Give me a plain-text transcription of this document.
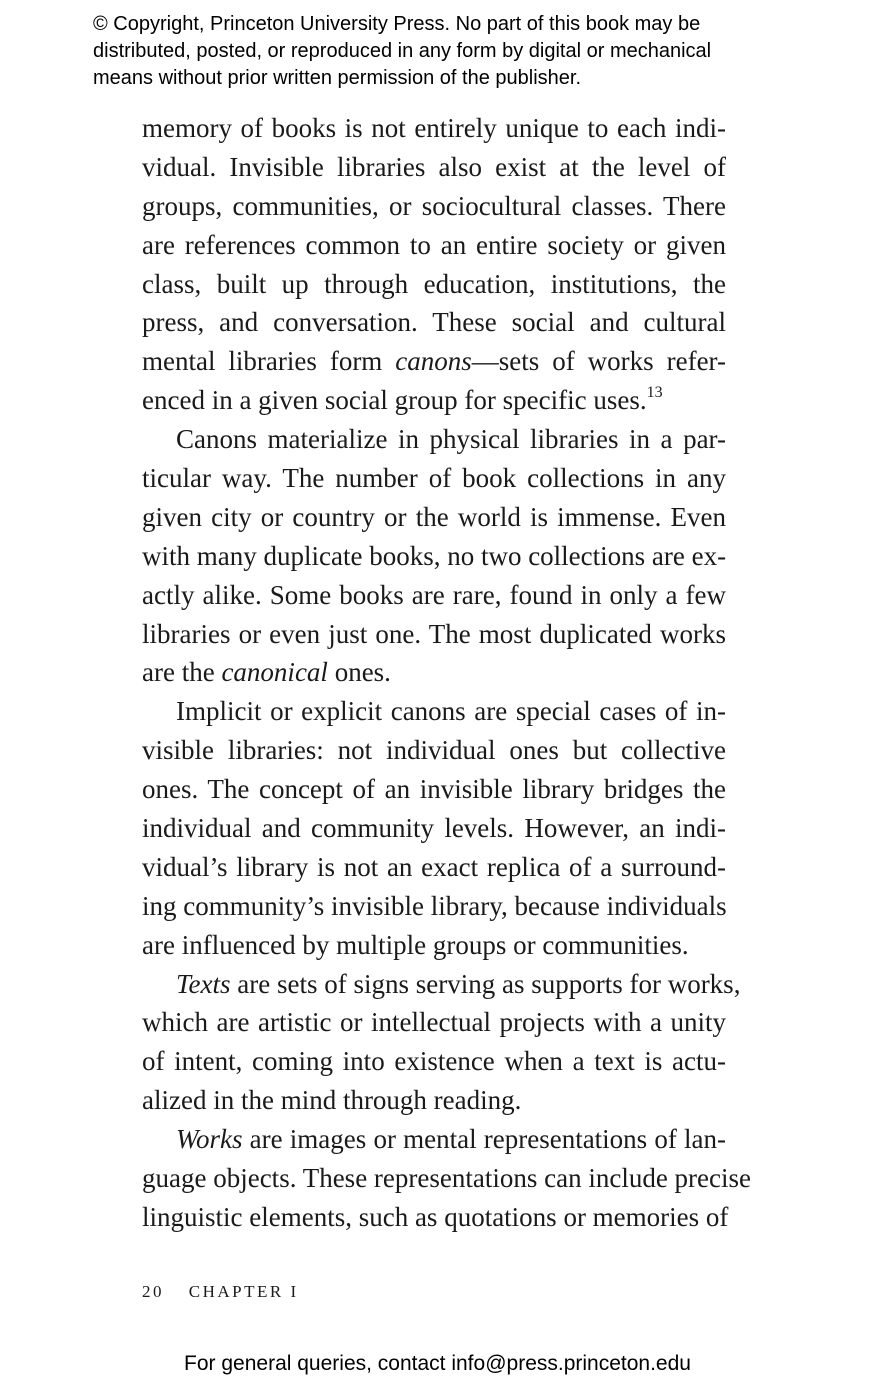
© Copyright, Princeton University Press. No part of this book may be
distributed, posted, or reproduced in any form by digital or mechanical
means without prior written permission of the publisher.

memory of books is not entirely unique to each indi-
vidual. Invisible libraries also exist at the level of
groups, communities, or sociocultural classes. There
are references common to an entire society or given
class, built up through education, institutions, the
press, and conversation. These social and cultural
mental libraries form canons—sets of works refer-
enced in a given social group for specific uses.$^{13}$

Canons materialize in physical libraries in a par-
ticular way. The number of book collections in any
given city or country or the world is immense. Even
with many duplicate books, no two collections are ex-
actly alike. Some books are rare, found in only a few
libraries or even just one. The most duplicated works
are the canonical ones.

Implicit or explicit canons are special cases of in-
visible libraries: not individual ones but collective
ones. The concept of an invisible library bridges the
individual and community levels. However, an indi-
vidual’s library is not an exact replica of a surround-
ing community’s invisible library, because individuals
are influenced by multiple groups or communities.

Texts are sets of signs serving as supports for works,
which are artistic or intellectual projects with a unity
of intent, coming into existence when a text is actu-
alized in the mind through reading.

Works are images or mental representations of lan-
guage objects. These representations can include precise
linguistic elements, such as quotations or memories of

20 CHAPTER I
For general queries, contact info@press.princeton.edu
